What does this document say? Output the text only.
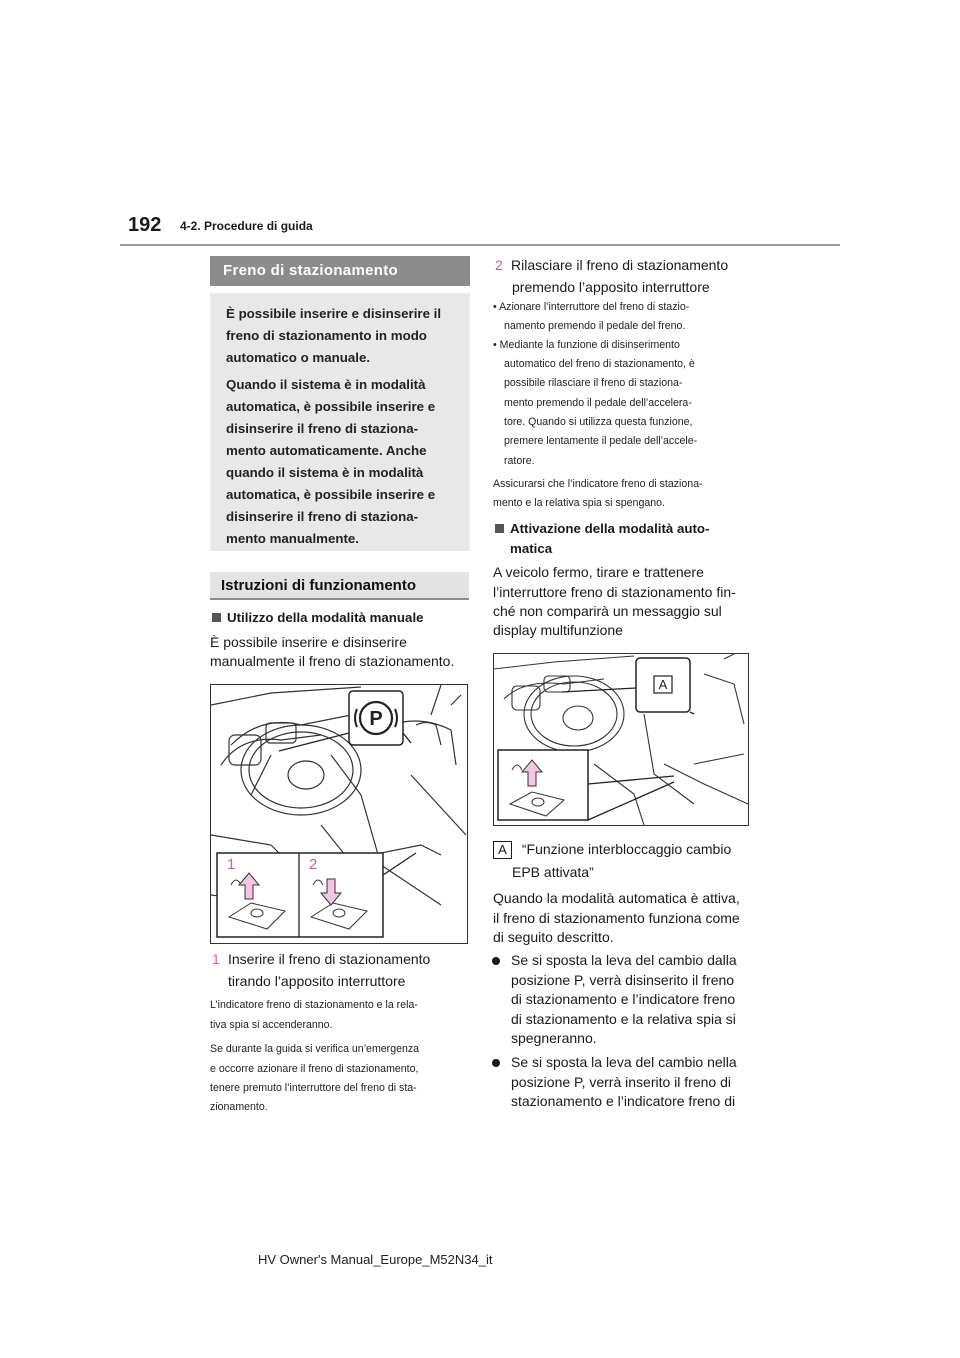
192 4-2. Procedure di guida
Freno di stazionamento

È possibile inserire e disinserire il freno di stazionamento in modo automatico o manuale.

Quando il sistema è in modalità automatica, è possibile inserire e disinserire il freno di staziona-mento automaticamente. Anche quando il sistema è in modalità automatica, è possibile inserire e disinserire il freno di staziona-mento manualmente.

Istruzioni di funzionamento
Utilizzo della modalità manuale
È possibile inserire e disinserire
manualmente il freno di stazionamento.
P
1	2
1 Inserire il freno di stazionamento
tirando l’apposito interruttore
L’indicatore freno di stazionamento e la rela-
tiva spia si accenderanno.
Se durante la guida si verifica un’emergenza
e occorre azionare il freno di stazionamento,
tenere premuto l’interruttore del freno di sta-
zionamento.
2 Rilasciare il freno di stazionamento
premendo l’apposito interruttore
• Azionare l’interruttore del freno di stazio-
namento premendo il pedale del freno.
• Mediante la funzione di disinserimento
automatico del freno di stazionamento, è
possibile rilasciare il freno di staziona-
mento premendo il pedale dell’accelera-
tore. Quando si utilizza questa funzione,
premere lentamente il pedale dell’accele-
ratore.
Assicurarsi che l’indicatore freno di staziona-
mento e la relativa spia si spengano.
Attivazione della modalità auto-
matica
A veicolo fermo, tirare e trattenere
l’interruttore freno di stazionamento fin-
ché non comparirà un messaggio sul
display multifunzione
A
A “Funzione interbloccaggio cambio
EPB attivata”
Quando la modalità automatica è attiva,
il freno di stazionamento funziona come
di seguito descritto.
Se si sposta la leva del cambio dalla
posizione P, verrà disinserito il freno
di stazionamento e l’indicatore freno
di stazionamento e la relativa spia si
spegneranno.
Se si sposta la leva del cambio nella
posizione P, verrà inserito il freno di
stazionamento e l’indicatore freno di
HV Owner's Manual_Europe_M52N34_it
